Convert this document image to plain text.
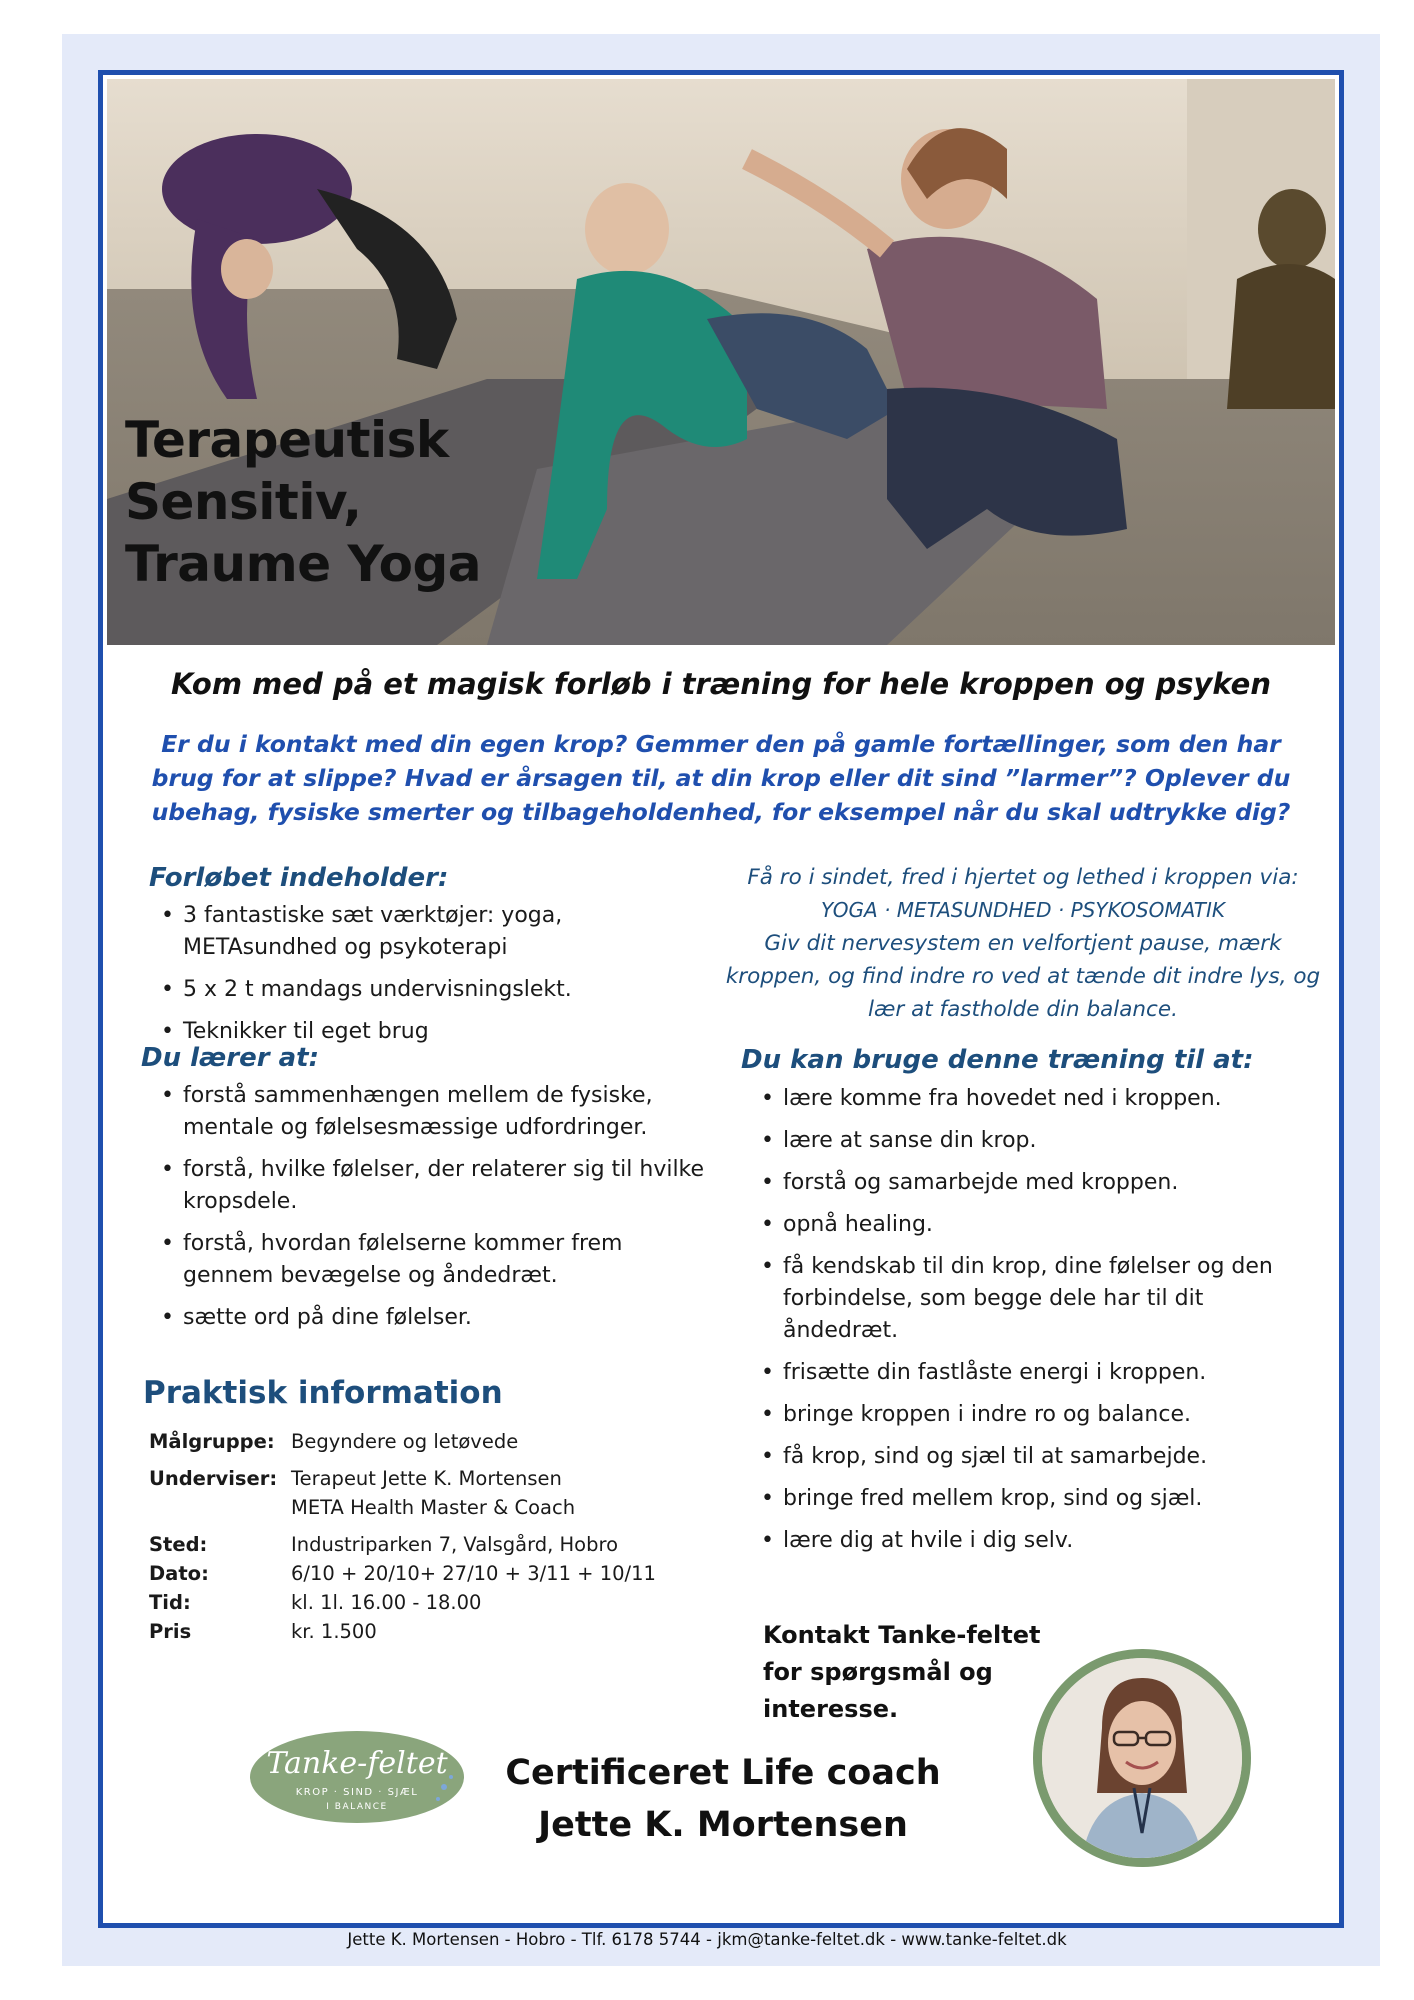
Terapeutisk
Sensitiv,
Traume Yoga
Kom med på et magisk forløb i træning for hele kroppen og psyken
Er du i kontakt med din egen krop? Gemmer den på gamle fortællinger, som den har brug for at slippe? Hvad er årsagen til, at din krop eller dit sind ”larmer”? Oplever du ubehag, fysiske smerter og tilbageholdenhed, for eksempel når du skal udtrykke dig?
Forløbet indeholder:
• 3 fantastiske sæt værktøjer: yoga, METAsundhed og psykoterapi
• 5 x 2 t mandags undervisningslekt.
• Teknikker til eget brug
Få ro i sindet, fred i hjertet og lethed i kroppen via:
YOGA · METASUNDHED · PSYKOSOMATIK
Giv dit nervesystem en velfortjent pause, mærk kroppen, og find indre ro ved at tænde dit indre lys, og lær at fastholde din balance.
Du lærer at:
• forstå sammenhængen mellem de fysiske, mentale og følelsesmæssige udfordringer.
• forstå, hvilke følelser, der relaterer sig til hvilke kropsdele.
• forstå, hvordan følelserne kommer frem gennem bevægelse og åndedræt.
• sætte ord på dine følelser.
Du kan bruge denne træning til at:
• lære komme fra hovedet ned i kroppen.
• lære at sanse din krop.
• forstå og samarbejde med kroppen.
• opnå healing.
• få kendskab til din krop, dine følelser og den forbindelse, som begge dele har til dit åndedræt.
• frisætte din fastlåste energi i kroppen.
• bringe kroppen i indre ro og balance.
• få krop, sind og sjæl til at samarbejde.
• bringe fred mellem krop, sind og sjæl.
• lære dig at hvile i dig selv.
Praktisk information
Målgruppe: Begyndere og letøvede
Underviser: Terapeut Jette K. Mortensen
META Health Master & Coach
Sted:	Industriparken 7, Valsgård, Hobro
Dato:	6/10 + 20/10+ 27/10 + 3/11 + 10/11
Tid:	kl. 1l. 16.00 - 18.00
Pris	kr. 1.500
Tanke-feltet
KROP · SIND · SJÆL
I BALANCE
Certificeret Life coach
Jette K. Mortensen
Kontakt Tanke-feltet
for spørgsmål og
interesse.
Jette K. Mortensen - Hobro - Tlf. 6178 5744 - jkm@tanke-feltet.dk - www.tanke-feltet.dk
